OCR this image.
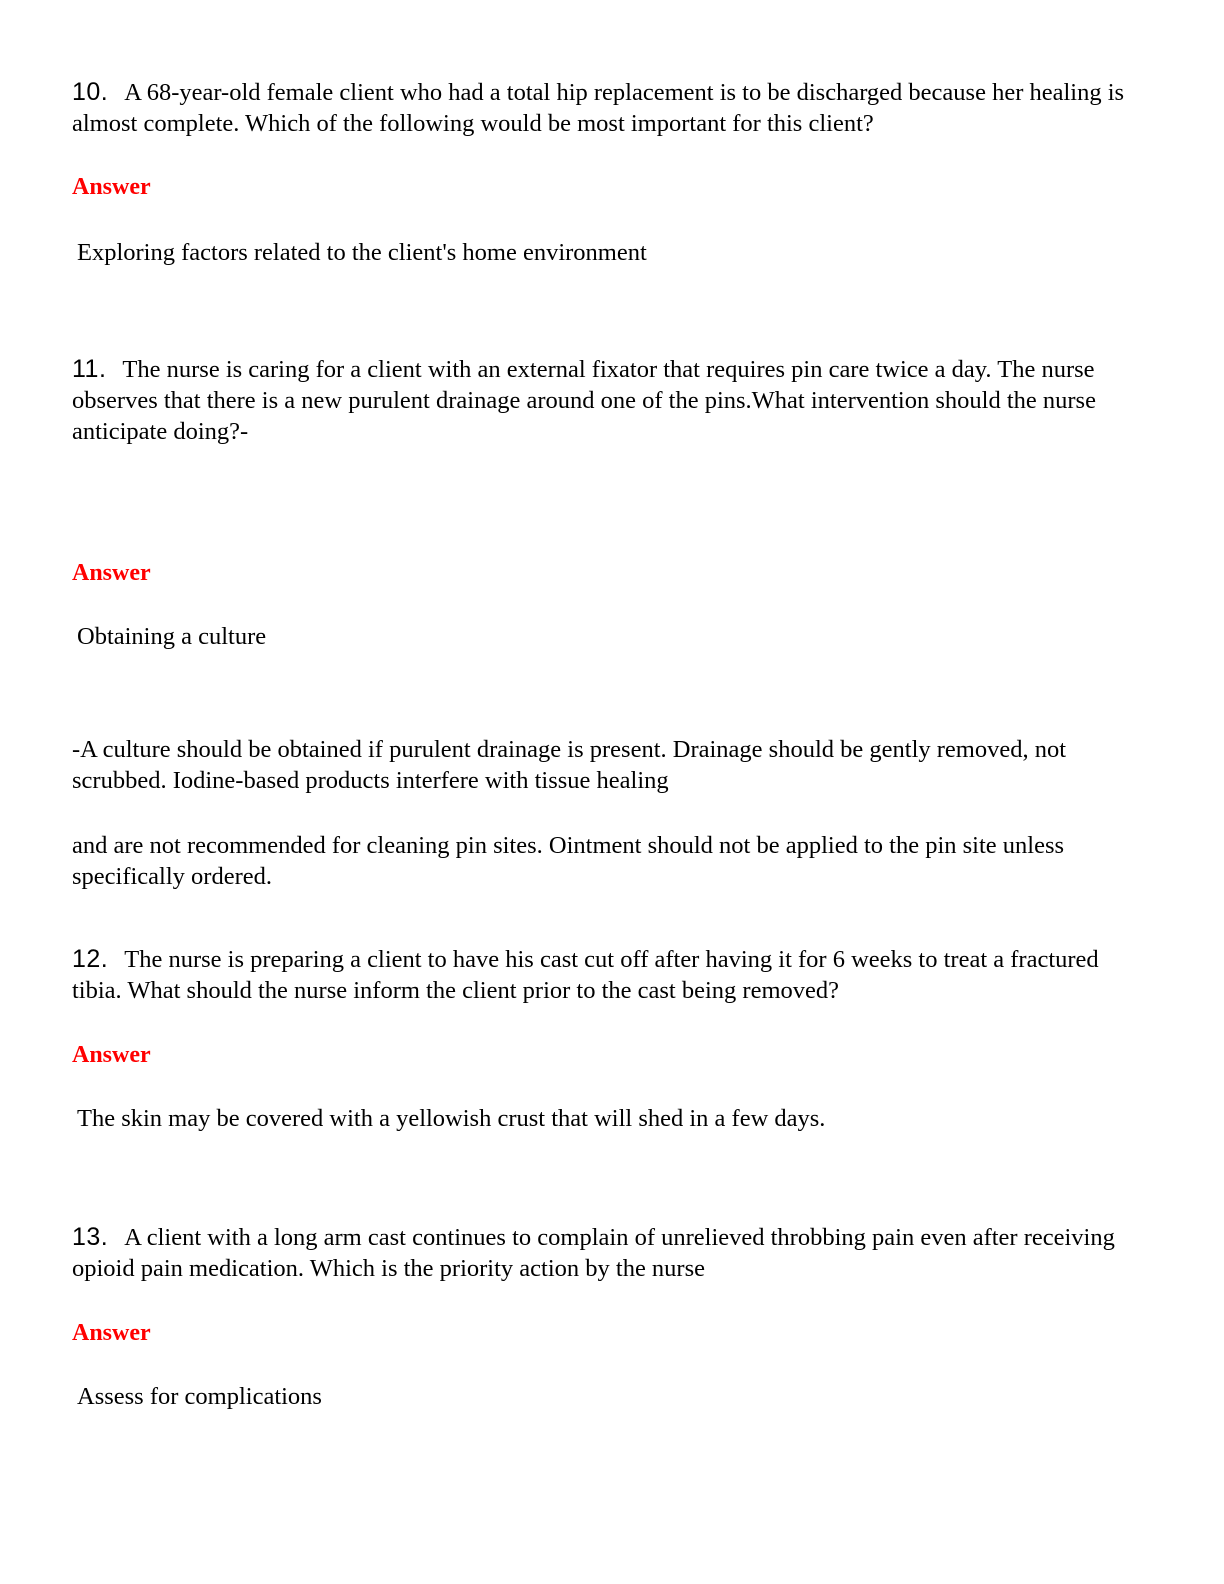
10. A 68-year-old female client who had a total hip replacement is to be discharged because her healing is almost complete. Which of the following would be most important for this client?

Answer

Exploring factors related to the client's home environment

11. The nurse is caring for a client with an external fixator that requires pin care twice a day. The nurse observes that there is a new purulent drainage around one of the pins.What intervention should the nurse anticipate doing?-

Answer

Obtaining a culture

-A culture should be obtained if purulent drainage is present. Drainage should be gently removed, not scrubbed. Iodine-based products interfere with tissue healing

and are not recommended for cleaning pin sites. Ointment should not be applied to the pin site unless specifically ordered.

12. The nurse is preparing a client to have his cast cut off after having it for 6 weeks to treat a fractured tibia. What should the nurse inform the client prior to the cast being removed?

Answer

The skin may be covered with a yellowish crust that will shed in a few days.

13. A client with a long arm cast continues to complain of unrelieved throbbing pain even after receiving opioid pain medication. Which is the priority action by the nurse

Answer

Assess for complications
